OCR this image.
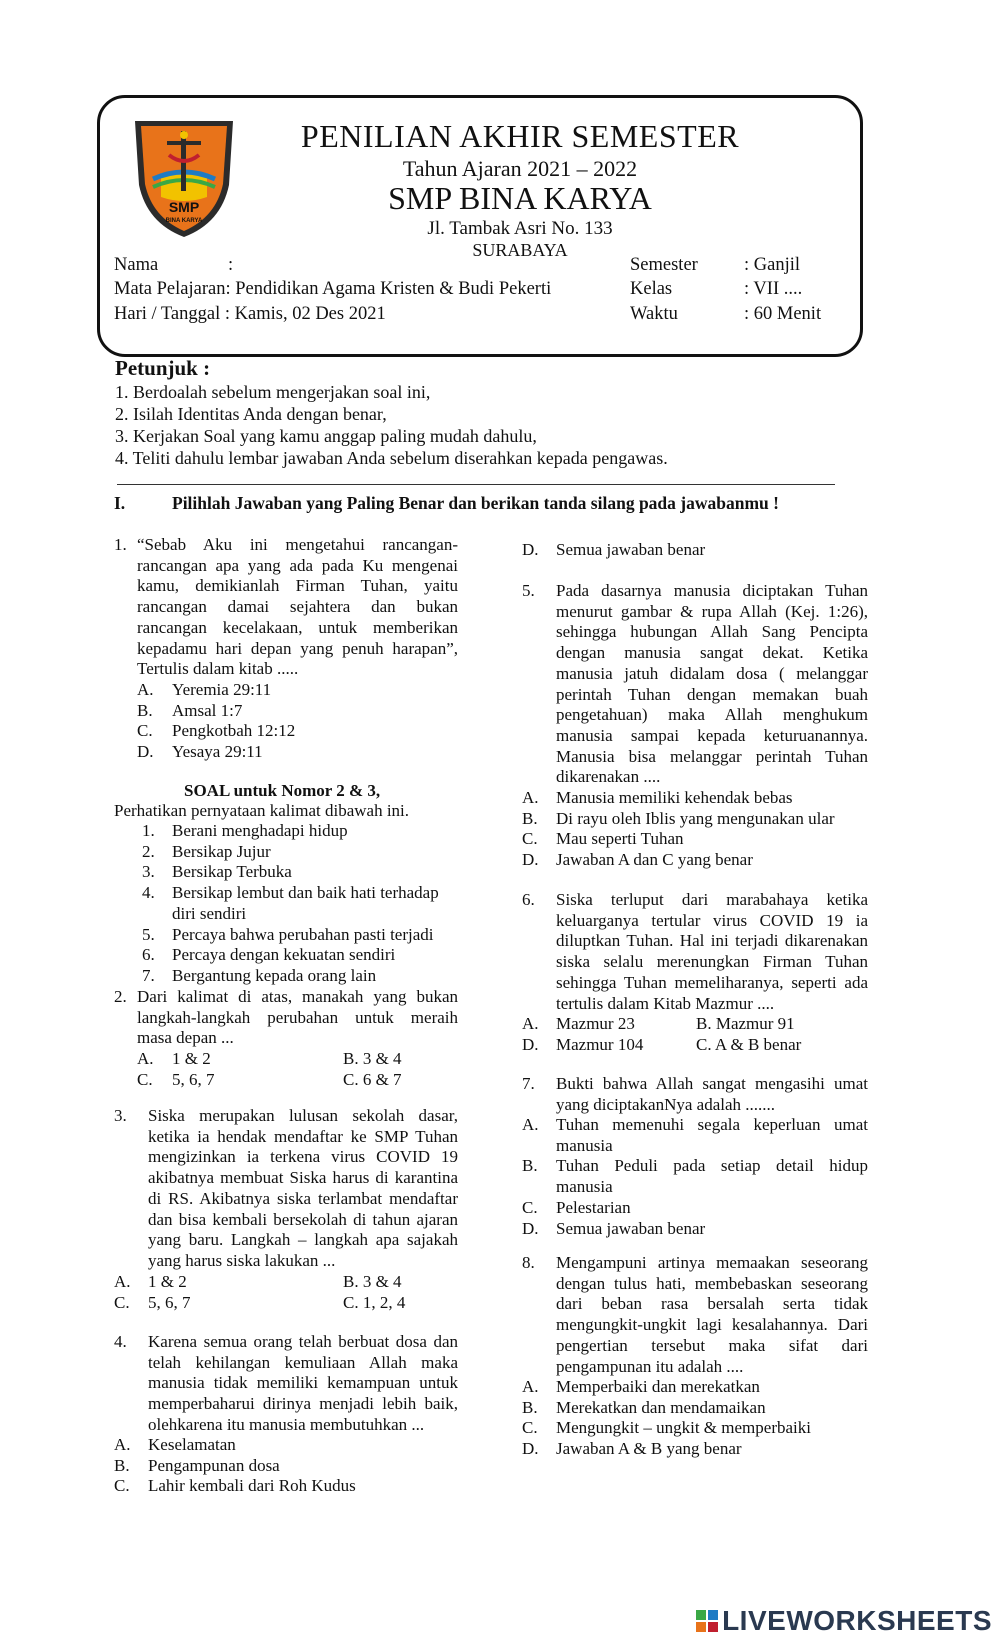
SMP
BINA KARYA
PENILIAN AKHIR SEMESTER
Tahun Ajaran 2021 – 2022
SMP BINA KARYA
Jl. Tambak Asri No. 133
SURABAYA
Nama	:
Mata Pelajaran: Pendidikan Agama Kristen & Budi Pekerti
Hari / Tanggal : Kamis, 02 Des 2021
Semester : Ganjil
Kelas	: VII ....
Waktu	: 60 Menit
Petunjuk :
1. Berdoalah sebelum mengerjakan soal ini,
2. Isilah Identitas Anda dengan benar,
3. Kerjakan Soal yang kamu anggap paling mudah dahulu,
4. Teliti dahulu lembar jawaban Anda sebelum diserahkan kepada pengawas.
I.	Pilihlah Jawaban yang Paling Benar dan berikan tanda silang pada jawabanmu !
1. “Sebab Aku ini mengetahui rancangan-
rancangan apa yang ada pada Ku mengenai
kamu, demikianlah Firman Tuhan, yaitu
rancangan damai sejahtera dan bukan
rancangan kecelakaan, untuk memberikan
kepadamu hari depan yang penuh harapan”,
Tertulis dalam kitab .....
A. Yeremia 29:11
B. Amsal 1:7
C. Pengkotbah 12:12
D. Yesaya 29:11
SOAL untuk Nomor 2 & 3,
Perhatikan pernyataan kalimat dibawah ini.
1. Berani menghadapi hidup
2. Bersikap Jujur
3. Bersikap Terbuka
4. Bersikap lembut dan baik hati terhadap
diri sendiri
5. Percaya bahwa perubahan pasti terjadi
6. Percaya dengan kekuatan sendiri
7. Bergantung kepada orang lain
2. Dari kalimat di atas, manakah yang bukan
langkah-langkah perubahan untuk meraih
masa depan ...
A. 1 & 2	B. 3 & 4
C. 5, 6, 7	C. 6 & 7
3. Siska merupakan lulusan sekolah dasar,
ketika ia hendak mendaftar ke SMP Tuhan
mengizinkan ia terkena virus COVID 19
akibatnya membuat Siska harus di karantina
di RS. Akibatnya siska terlambat mendaftar
dan bisa kembali bersekolah di tahun ajaran
yang baru. Langkah – langkah apa sajakah
yang harus siska lakukan ...
A. 1 & 2	B. 3 & 4
C. 5, 6, 7	C. 1, 2, 4
4. Karena semua orang telah berbuat dosa dan
telah kehilangan kemuliaan Allah maka
manusia tidak memiliki kemampuan untuk
memperbaharui dirinya menjadi lebih baik,
olehkarena itu manusia membutuhkan ...
A. Keselamatan
B. Pengampunan dosa
C. Lahir kembali dari Roh Kudus
D. Semua jawaban benar
5. Pada dasarnya manusia diciptakan Tuhan
menurut gambar & rupa Allah (Kej. 1:26),
sehingga hubungan Allah Sang Pencipta
dengan manusia sangat dekat. Ketika
manusia jatuh didalam dosa ( melanggar
perintah Tuhan dengan memakan buah
pengetahuan) maka Allah menghukum
manusia sampai kepada keturuanannya.
Manusia bisa melanggar perintah Tuhan
dikarenakan ....
A. Manusia memiliki kehendak bebas
B. Di rayu oleh Iblis yang mengunakan ular
C. Mau seperti Tuhan
D. Jawaban A dan C yang benar
6. Siska terluput dari marabahaya ketika
keluarganya tertular virus COVID 19 ia
diluptkan Tuhan. Hal ini terjadi dikarenakan
siska selalu merenungkan Firman Tuhan
sehingga Tuhan memeliharanya, seperti ada
tertulis dalam Kitab Mazmur ....
A. Mazmur 23	B. Mazmur 91
D. Mazmur 104	C. A & B benar
7. Bukti bahwa Allah sangat mengasihi umat
yang diciptakanNya adalah .......
A.	Tuhan memenuhi segala keperluan umat
manusia
B.	Tuhan Peduli pada setiap detail hidup
manusia
C. Pelestarian
D. Semua jawaban benar
8. Mengampuni artinya memaakan seseorang
dengan tulus hati, membebaskan seseorang
dari beban rasa bersalah serta tidak
mengungkit-ungkit lagi kesalahannya. Dari
pengertian tersebut maka sifat dari
pengampunan itu adalah ....
A. Memperbaiki dan merekatkan
B. Merekatkan dan mendamaikan
C. Mengungkit – ungkit & memperbaiki
D. Jawaban A & B yang benar
LIVEWORKSHEETS
